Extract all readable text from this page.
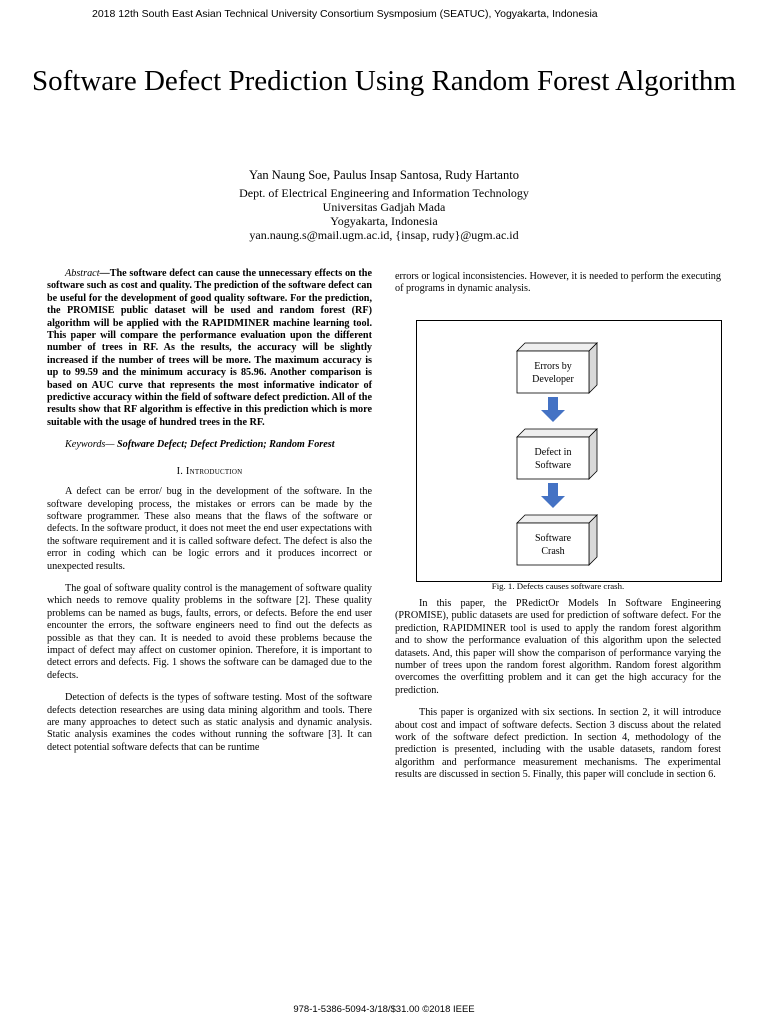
2018 12th South East Asian Technical University Consortium Sysmposium (SEATUC), Yogyakarta, Indonesia
Software Defect Prediction Using Random Forest Algorithm
Yan Naung Soe, Paulus Insap Santosa, Rudy Hartanto
Dept. of Electrical Engineering and Information Technology
Universitas Gadjah Mada
Yogyakarta, Indonesia
yan.naung.s@mail.ugm.ac.id, {insap, rudy}@ugm.ac.id

Abstract—The software defect can cause the unnecessary effects on the software such as cost and quality. The prediction of the software defect can be useful for the development of good quality software. For the prediction, the PROMISE public dataset will be used and random forest (RF) algorithm will be applied with the RAPIDMINER machine learning tool. This paper will compare the performance evaluation upon the different number of trees in RF. As the results, the accuracy will be slightly increased if the number of trees will be more. The maximum accuracy is up to 99.59 and the minimum accuracy is 85.96. Another comparison is based on AUC curve that represents the most informative indicator of predictive accuracy within the field of software defect prediction. All of the results show that RF algorithm is effective in this prediction which is more suitable with the usage of hundred trees in the RF.

Keywords— Software Defect; Defect Prediction; Random Forest

I. Introduction

A defect can be error/ bug in the development of the software. In the software developing process, the mistakes or errors can be made by the software programmer. These also means that the flaws of the software or defects. In the software product, it does not meet the end user expectations with the software requirement and it is called software defect. The defect is also the error in coding which can be logic errors and it produces incorrect or unexpected results.

The goal of software quality control is the management of software quality which needs to remove quality problems in the software [2]. These quality problems can be named as bugs, faults, errors, or defects. Before the end user encounter the errors, the software engineers need to find out the defects as possible as that they can. It is needed to avoid these problems because the impact of defect may affect on customer opinion. Therefore, it is important to detect errors and defects. Fig. 1 shows the software can be damaged due to the defects.

Detection of defects is the types of software testing. Most of the software defects detection researches are using data mining algorithm and tools. There are many approaches to detect such as static analysis and dynamic analysis. Static analysis examines the codes without running the software [3]. It can detect potential software defects that can be runtime

errors or logical inconsistencies. However, it is needed to perform the executing of programs in dynamic analysis.

Errors by
Developer
Defect in
Software
Software
Crash
Fig. 1. Defects causes software crash.

In this paper, the PRedictOr Models In Software Engineering (PROMISE), public datasets are used for prediction of software defect. For the prediction, RAPIDMINER tool is used to apply the random forest algorithm and to show the performance evaluation of this algorithm upon the selected datasets. And, this paper will show the comparison of performance varying the number of trees upon the random forest algorithm. Random forest algorithm overcomes the overfitting problem and it can get the high accuracy for the prediction.

This paper is organized with six sections. In section 2, it will introduce about cost and impact of software defects. Section 3 discuss about the related work of the software defect prediction. In section 4, methodology of the prediction is presented, including with the usable datasets, random forest algorithm and performance measurement mechanisms. The experimental results are discussed in section 5. Finally, this paper will conclude in section 6.

978-1-5386-5094-3/18/$31.00 ©2018 IEEE
